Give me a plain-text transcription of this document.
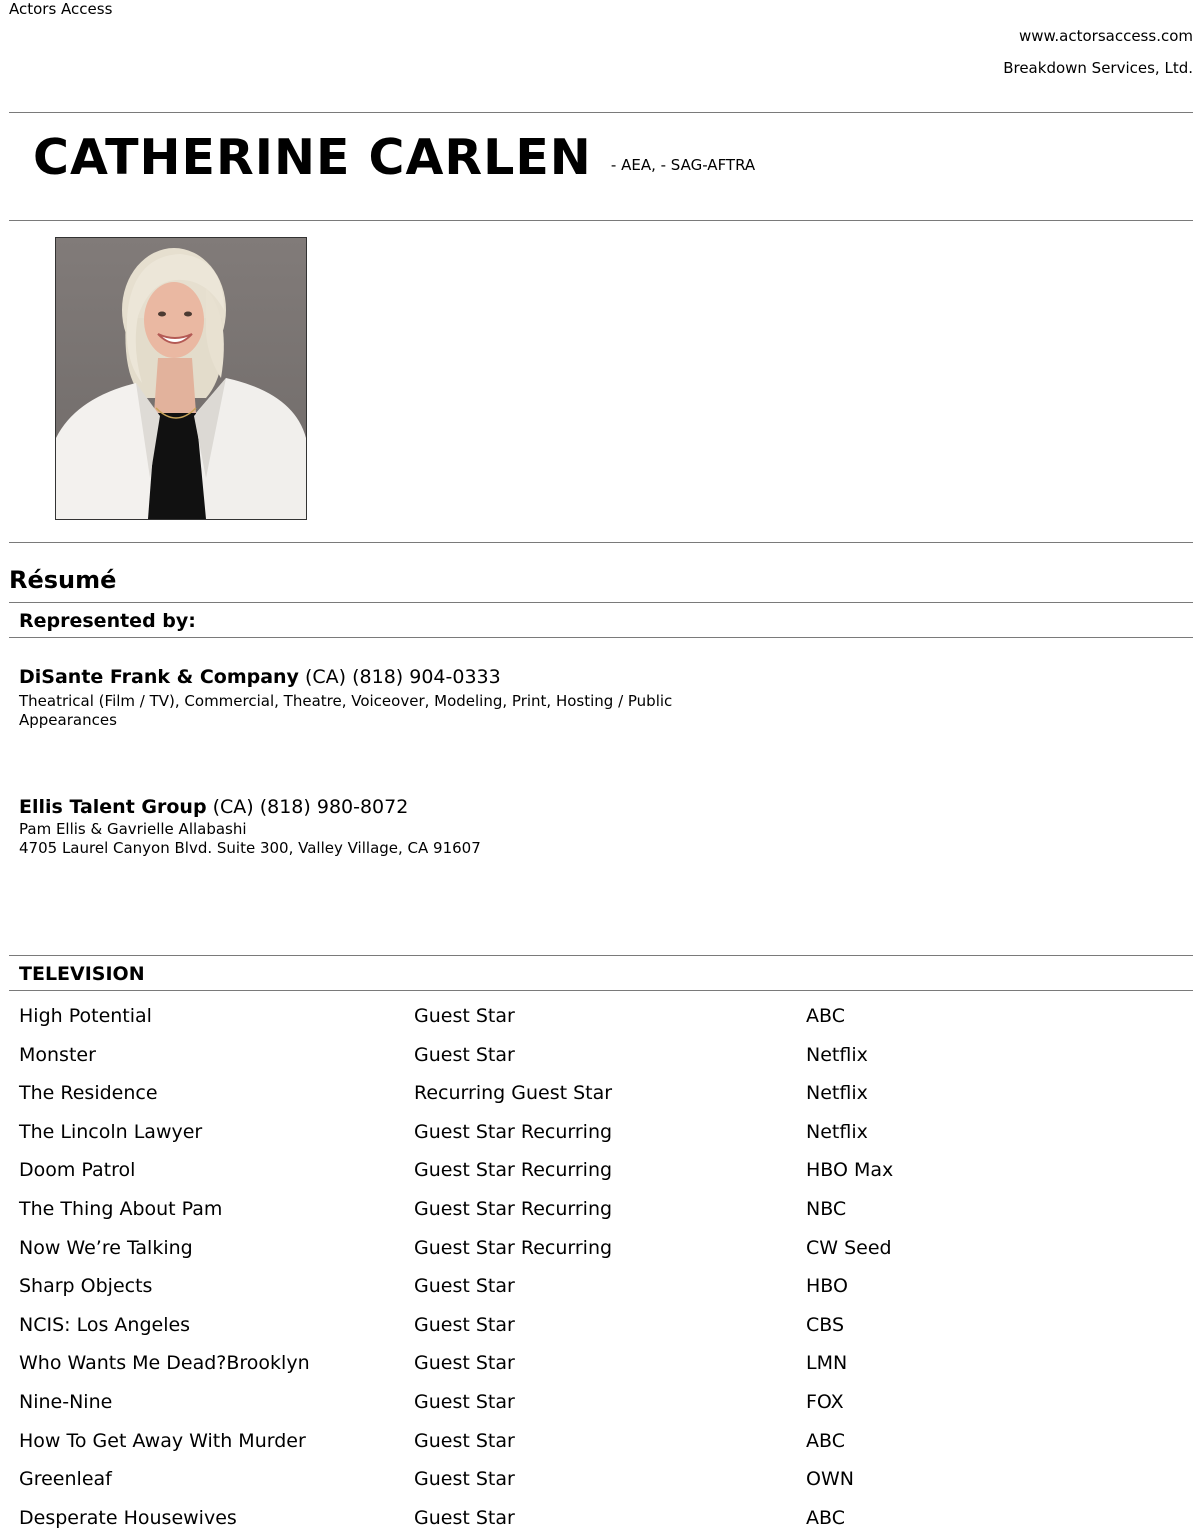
Actors Access
www.actorsaccess.com
Breakdown Services, Ltd.
CATHERINE CARLEN - AEA, - SAG-AFTRA
Résumé
Represented by:
DiSante Frank & Company (CA) (818) 904-0333
Theatrical (Film / TV), Commercial, Theatre, Voiceover, Modeling, Print, Hosting / Public
Appearances
Ellis Talent Group (CA) (818) 980-8072
Pam Ellis & Gavrielle Allabashi
4705 Laurel Canyon Blvd. Suite 300, Valley Village, CA 91607
TELEVISION
High Potential	Guest Star	ABC
Monster	Guest Star	Netflix
The Residence	Recurring Guest Star	Netflix
The Lincoln Lawyer	Guest Star Recurring	Netflix
Doom Patrol	Guest Star Recurring	HBO Max
The Thing About Pam	Guest Star Recurring	NBC
Now We’re Talking	Guest Star Recurring	CW Seed
Sharp Objects	Guest Star	HBO
NCIS: Los Angeles	Guest Star	CBS
Who Wants Me Dead?Brooklyn	Guest Star	LMN
Nine-Nine	Guest Star	FOX
How To Get Away With Murder	Guest Star	ABC
Greenleaf	Guest Star	OWN
Desperate Housewives	Guest Star	ABC
